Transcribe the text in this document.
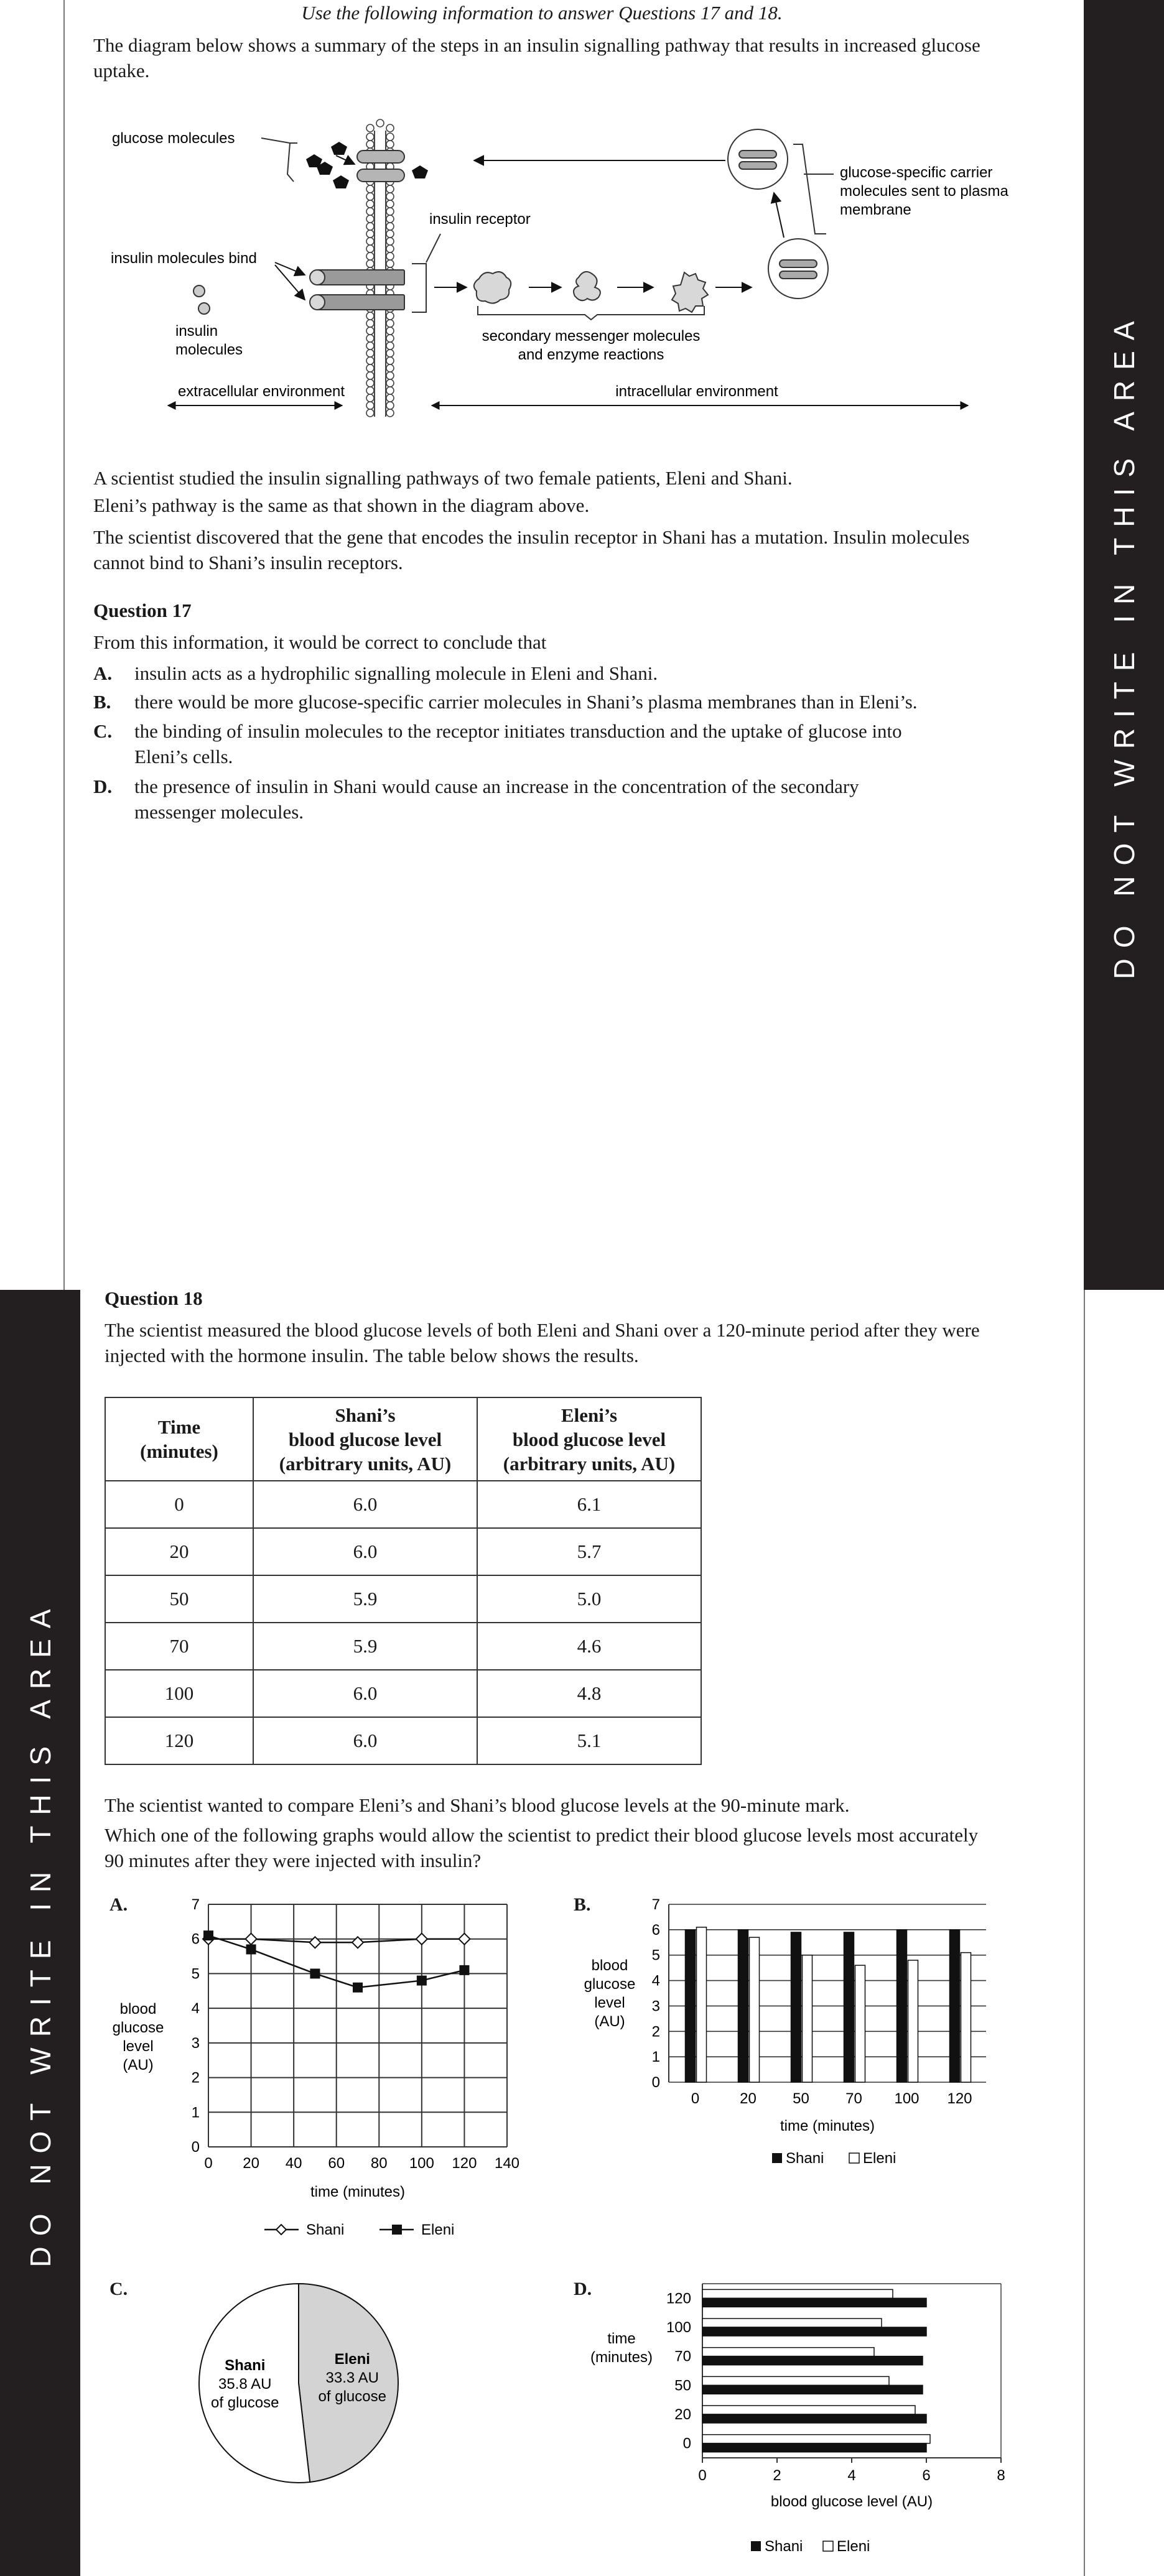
DO NOT WRITE IN THIS AREA
DO NOT WRITE IN THIS AREA
Use the following information to answer Questions 17 and 18.
The diagram below shows a summary of the steps in an insulin signalling pathway that results in increased glucose
uptake.
glucose molecules
insulin receptor
insulin molecules bind
insulin
molecules
secondary messenger molecules
and enzyme reactions
glucose-specific carrier
molecules sent to plasma
membrane
extracellular environment	intracellular environment
A scientist studied the insulin signalling pathways of two female patients, Eleni and Shani.
Eleni’s pathway is the same as that shown in the diagram above.
The scientist discovered that the gene that encodes the insulin receptor in Shani has a mutation. Insulin molecules
cannot bind to Shani’s insulin receptors.
Question 17
From this information, it would be correct to conclude that
A. insulin acts as a hydrophilic signalling molecule in Eleni and Shani.
B. there would be more glucose-specific carrier molecules in Shani’s plasma membranes than in Eleni’s.
C. the binding of insulin molecules to the receptor initiates transduction and the uptake of glucose into
Eleni’s cells.
D. the presence of insulin in Shani would cause an increase in the concentration of the secondary
messenger molecules.
Question 18
The scientist measured the blood glucose levels of both Eleni and Shani over a 120-minute period after they were
injected with the hormone insulin. The table below shows the results.
Time
(minutes)	Shani’s
blood glucose level
(arbitrary units, AU)	Eleni’s
blood glucose level
(arbitrary units, AU)
0	6.0	6.1
20	6.0	5.7
50	5.9	5.0
70	5.9	4.6
100	6.0	4.8
120	6.0	5.1
The scientist wanted to compare Eleni’s and Shani’s blood glucose levels at the 90-minute mark.
Which one of the following graphs would allow the scientist to predict their blood glucose levels most accurately
90 minutes after they were injected with insulin?
A.	B.
C.	D.
0 20 40 60 80 100 120 140
0
1
2
3
4
5
6
7
time (minutes)
blood
glucose
level
(AU)
Shani	Eleni
0
1
2
3
4
5
6
7
0	20 50 70 100 120
time (minutes)
blood
glucose
level
(AU)
Shani	Eleni
Eleni
33.3 AU
of glucose
Shani
35.8 AU
of glucose
0	2	4	6	8
0
20
50
70
100
120
blood glucose level (AU)
time
(minutes)
Shani Eleni
